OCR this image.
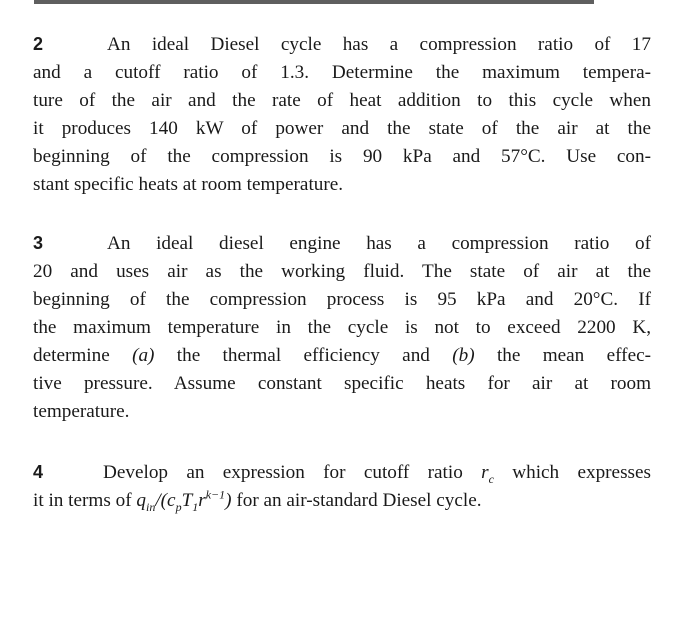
2	An ideal Diesel cycle has a compression ratio of 17
and a cutoff ratio of 1.3. Determine the maximum tempera-
ture of the air and the rate of heat addition to this cycle when
it produces 140 kW of power and the state of the air at the
beginning of the compression is 90 kPa and 57°C. Use con-
stant specific heats at room temperature.
3	An ideal diesel engine has a compression ratio of
20 and uses air as the working fluid. The state of air at the
beginning of the compression process is 95 kPa and 20°C. If
the maximum temperature in the cycle is not to exceed 2200 K,
determine (a) the thermal efficiency and (b) the mean effec-
tive pressure. Assume constant specific heats for air at room
temperature.
4	Develop an expression for cutoff ratio $r_c$ which expresses
it in terms of $q_{in}/(c_pT_1r^{k-1})$ for an air-standard Diesel cycle.
